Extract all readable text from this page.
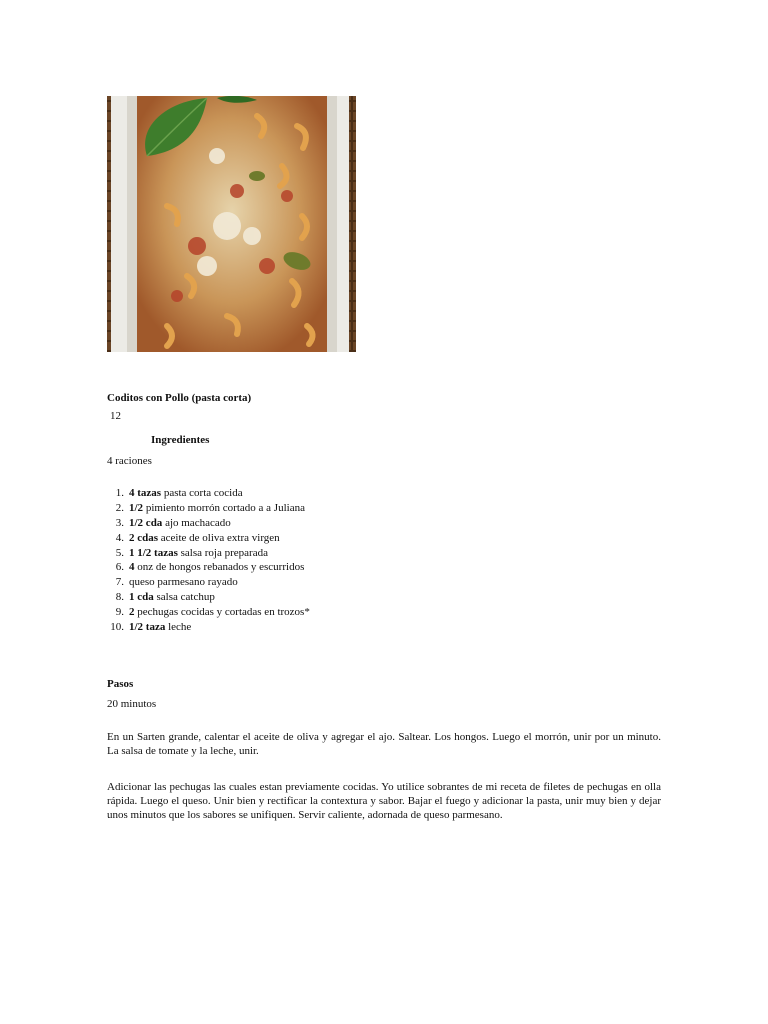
Coditos con Pollo (pasta corta)
12
Ingredientes
4 raciones
1. 4 tazas pasta corta cocida
2. 1/2 pimiento morrón cortado a a Juliana
3. 1/2 cda ajo machacado
4. 2 cdas aceite de oliva extra virgen
5. 1 1/2 tazas salsa roja preparada
6. 4 onz de hongos rebanados y escurridos
7. queso parmesano rayado
8. 1 cda salsa catchup
9. 2 pechugas cocidas y cortadas en trozos*
10. 1/2 taza leche
Pasos
20 minutos

En un Sarten grande, calentar el aceite de oliva y agregar el ajo. Saltear. Los hongos. Luego el morrón, unir por un minuto. La salsa de tomate y la leche, unir.

Adicionar las pechugas las cuales estan previamente cocidas. Yo utilice sobrantes de mi receta de filetes de pechugas en olla rápida. Luego el queso. Unir bien y rectificar la contextura y sabor. Bajar el fuego y adicionar la pasta, unir muy bien y dejar unos minutos que los sabores se unifiquen. Servir caliente, adornada de queso parmesano.
